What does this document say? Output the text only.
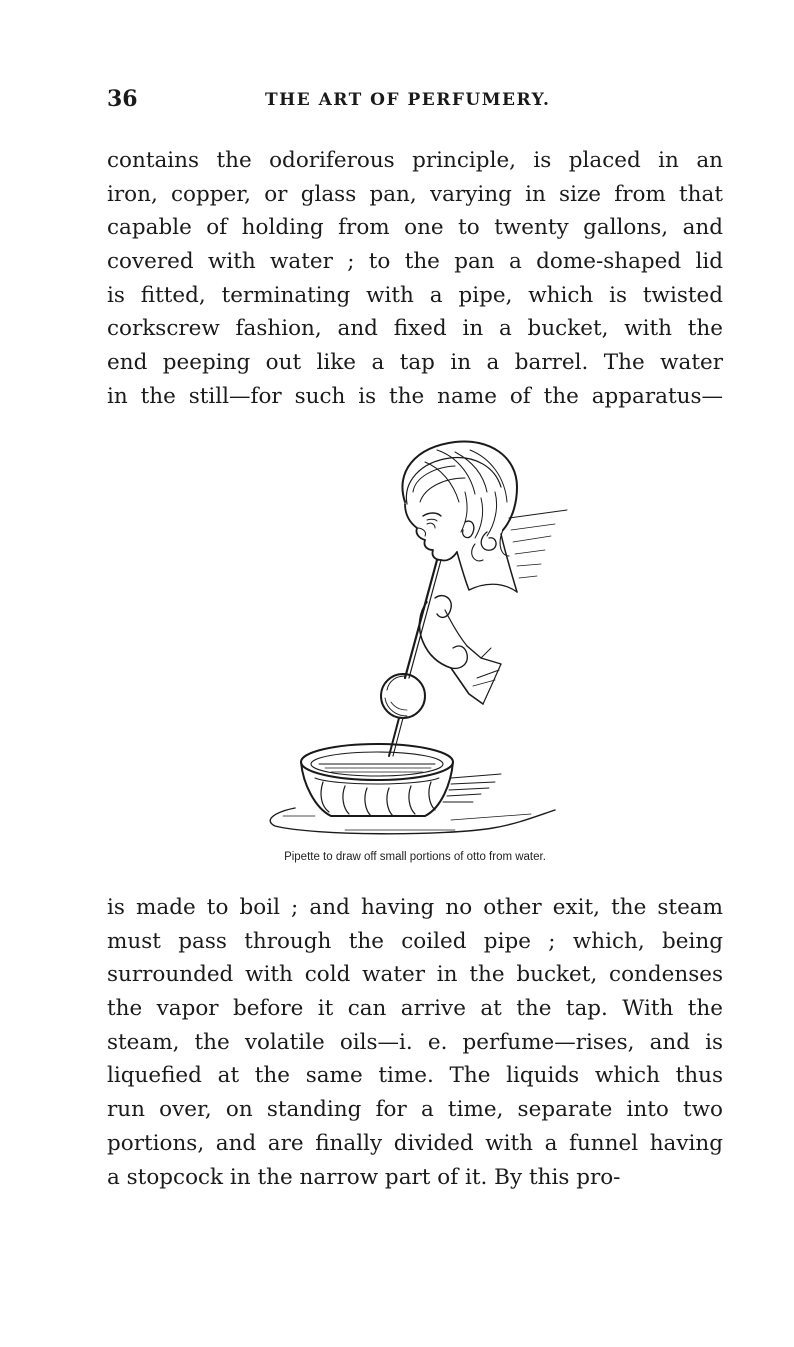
36	THE ART OF PERFUMERY.

contains the odoriferous principle, is placed in an
iron, copper, or glass pan, varying in size from that
capable of holding from one to twenty gallons, and
covered with water ; to the pan a dome-shaped lid
is fitted, terminating with a pipe, which is twisted
corkscrew fashion, and fixed in a bucket, with the
end peeping out like a tap in a barrel. The water
in the still—for such is the name of the apparatus—

Pipette to draw off small portions of otto from water.

is made to boil ; and having no other exit, the steam
must pass through the coiled pipe ; which, being
surrounded with cold water in the bucket, condenses
the vapor before it can arrive at the tap. With the
steam, the volatile oils—i. e. perfume—rises, and is
liquefied at the same time. The liquids which thus
run over, on standing for a time, separate into two
portions, and are finally divided with a funnel having
a stopcock in the narrow part of it. By this pro-
